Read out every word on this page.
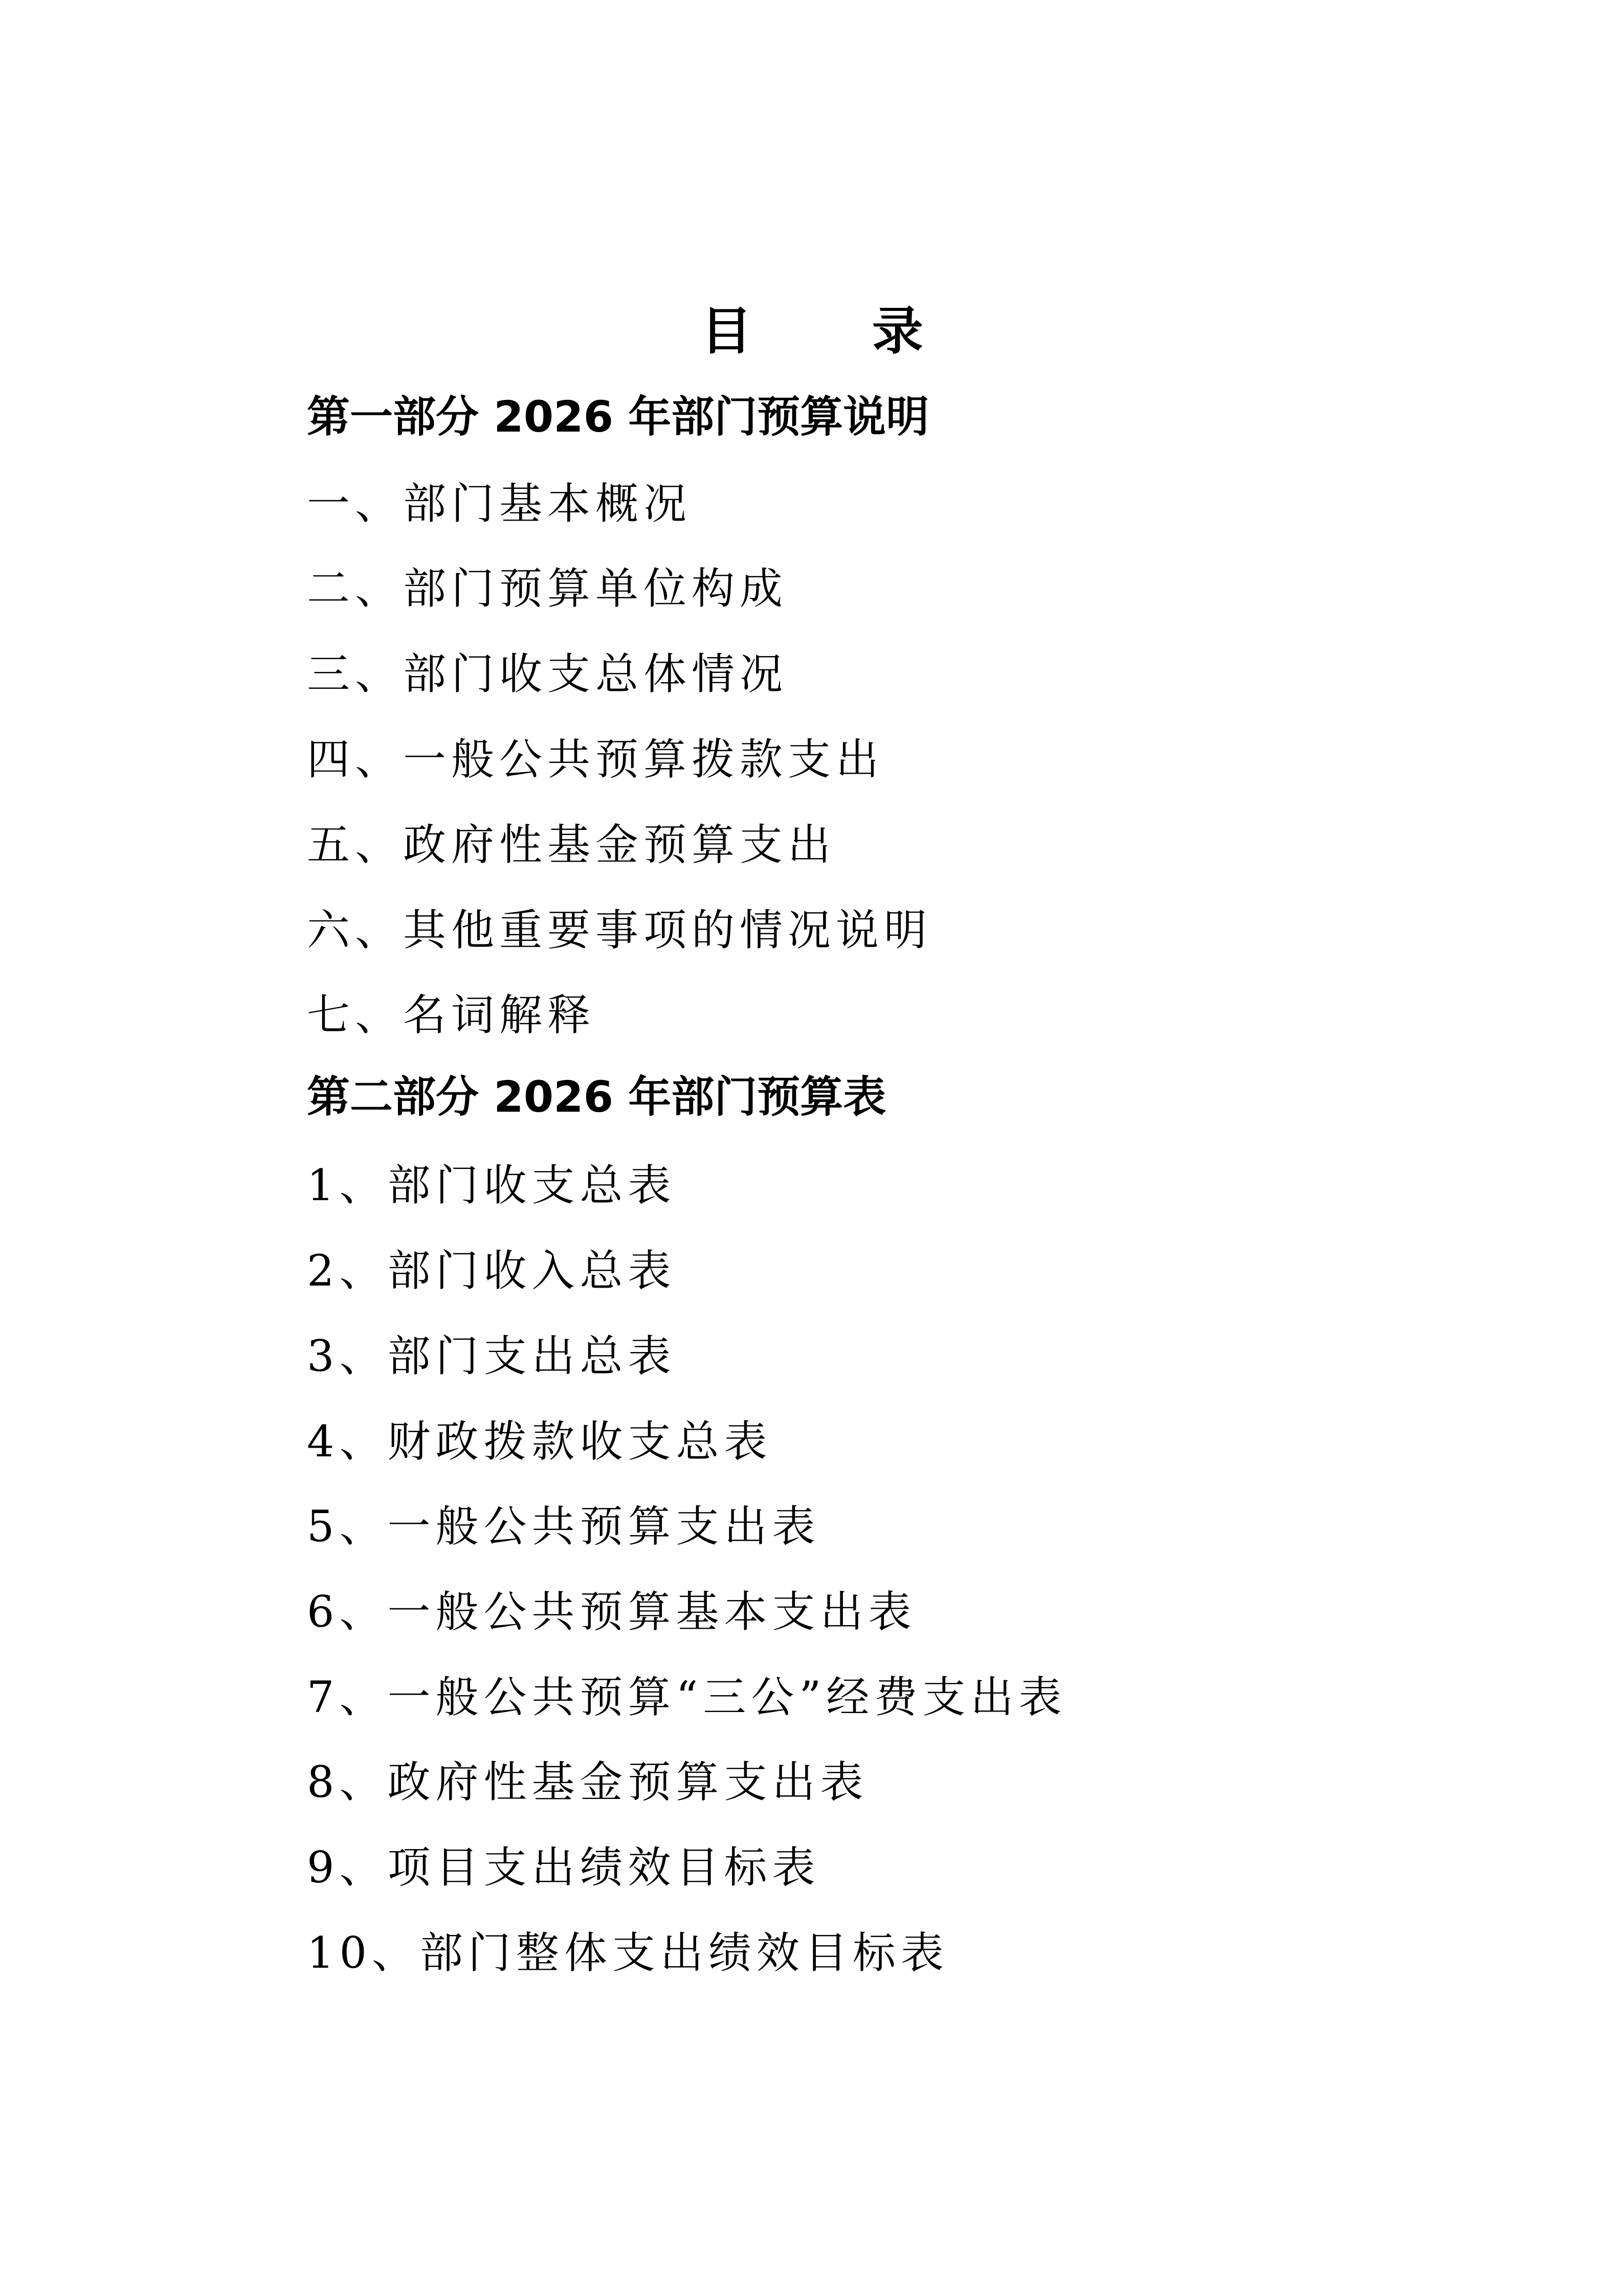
目 录
第一部分 2026 年部门预算说明
一、部门基本概况
二、部门预算单位构成
三、部门收支总体情况
四、一般公共预算拨款支出
五、政府性基金预算支出
六、其他重要事项的情况说明
七、名词解释
第二部分 2026 年部门预算表
1、部门收支总表
2、部门收入总表
3、部门支出总表
4、财政拨款收支总表
5、一般公共预算支出表
6、一般公共预算基本支出表
7、一般公共预算“三公”经费支出表
8、政府性基金预算支出表
9、项目支出绩效目标表
10、部门整体支出绩效目标表
